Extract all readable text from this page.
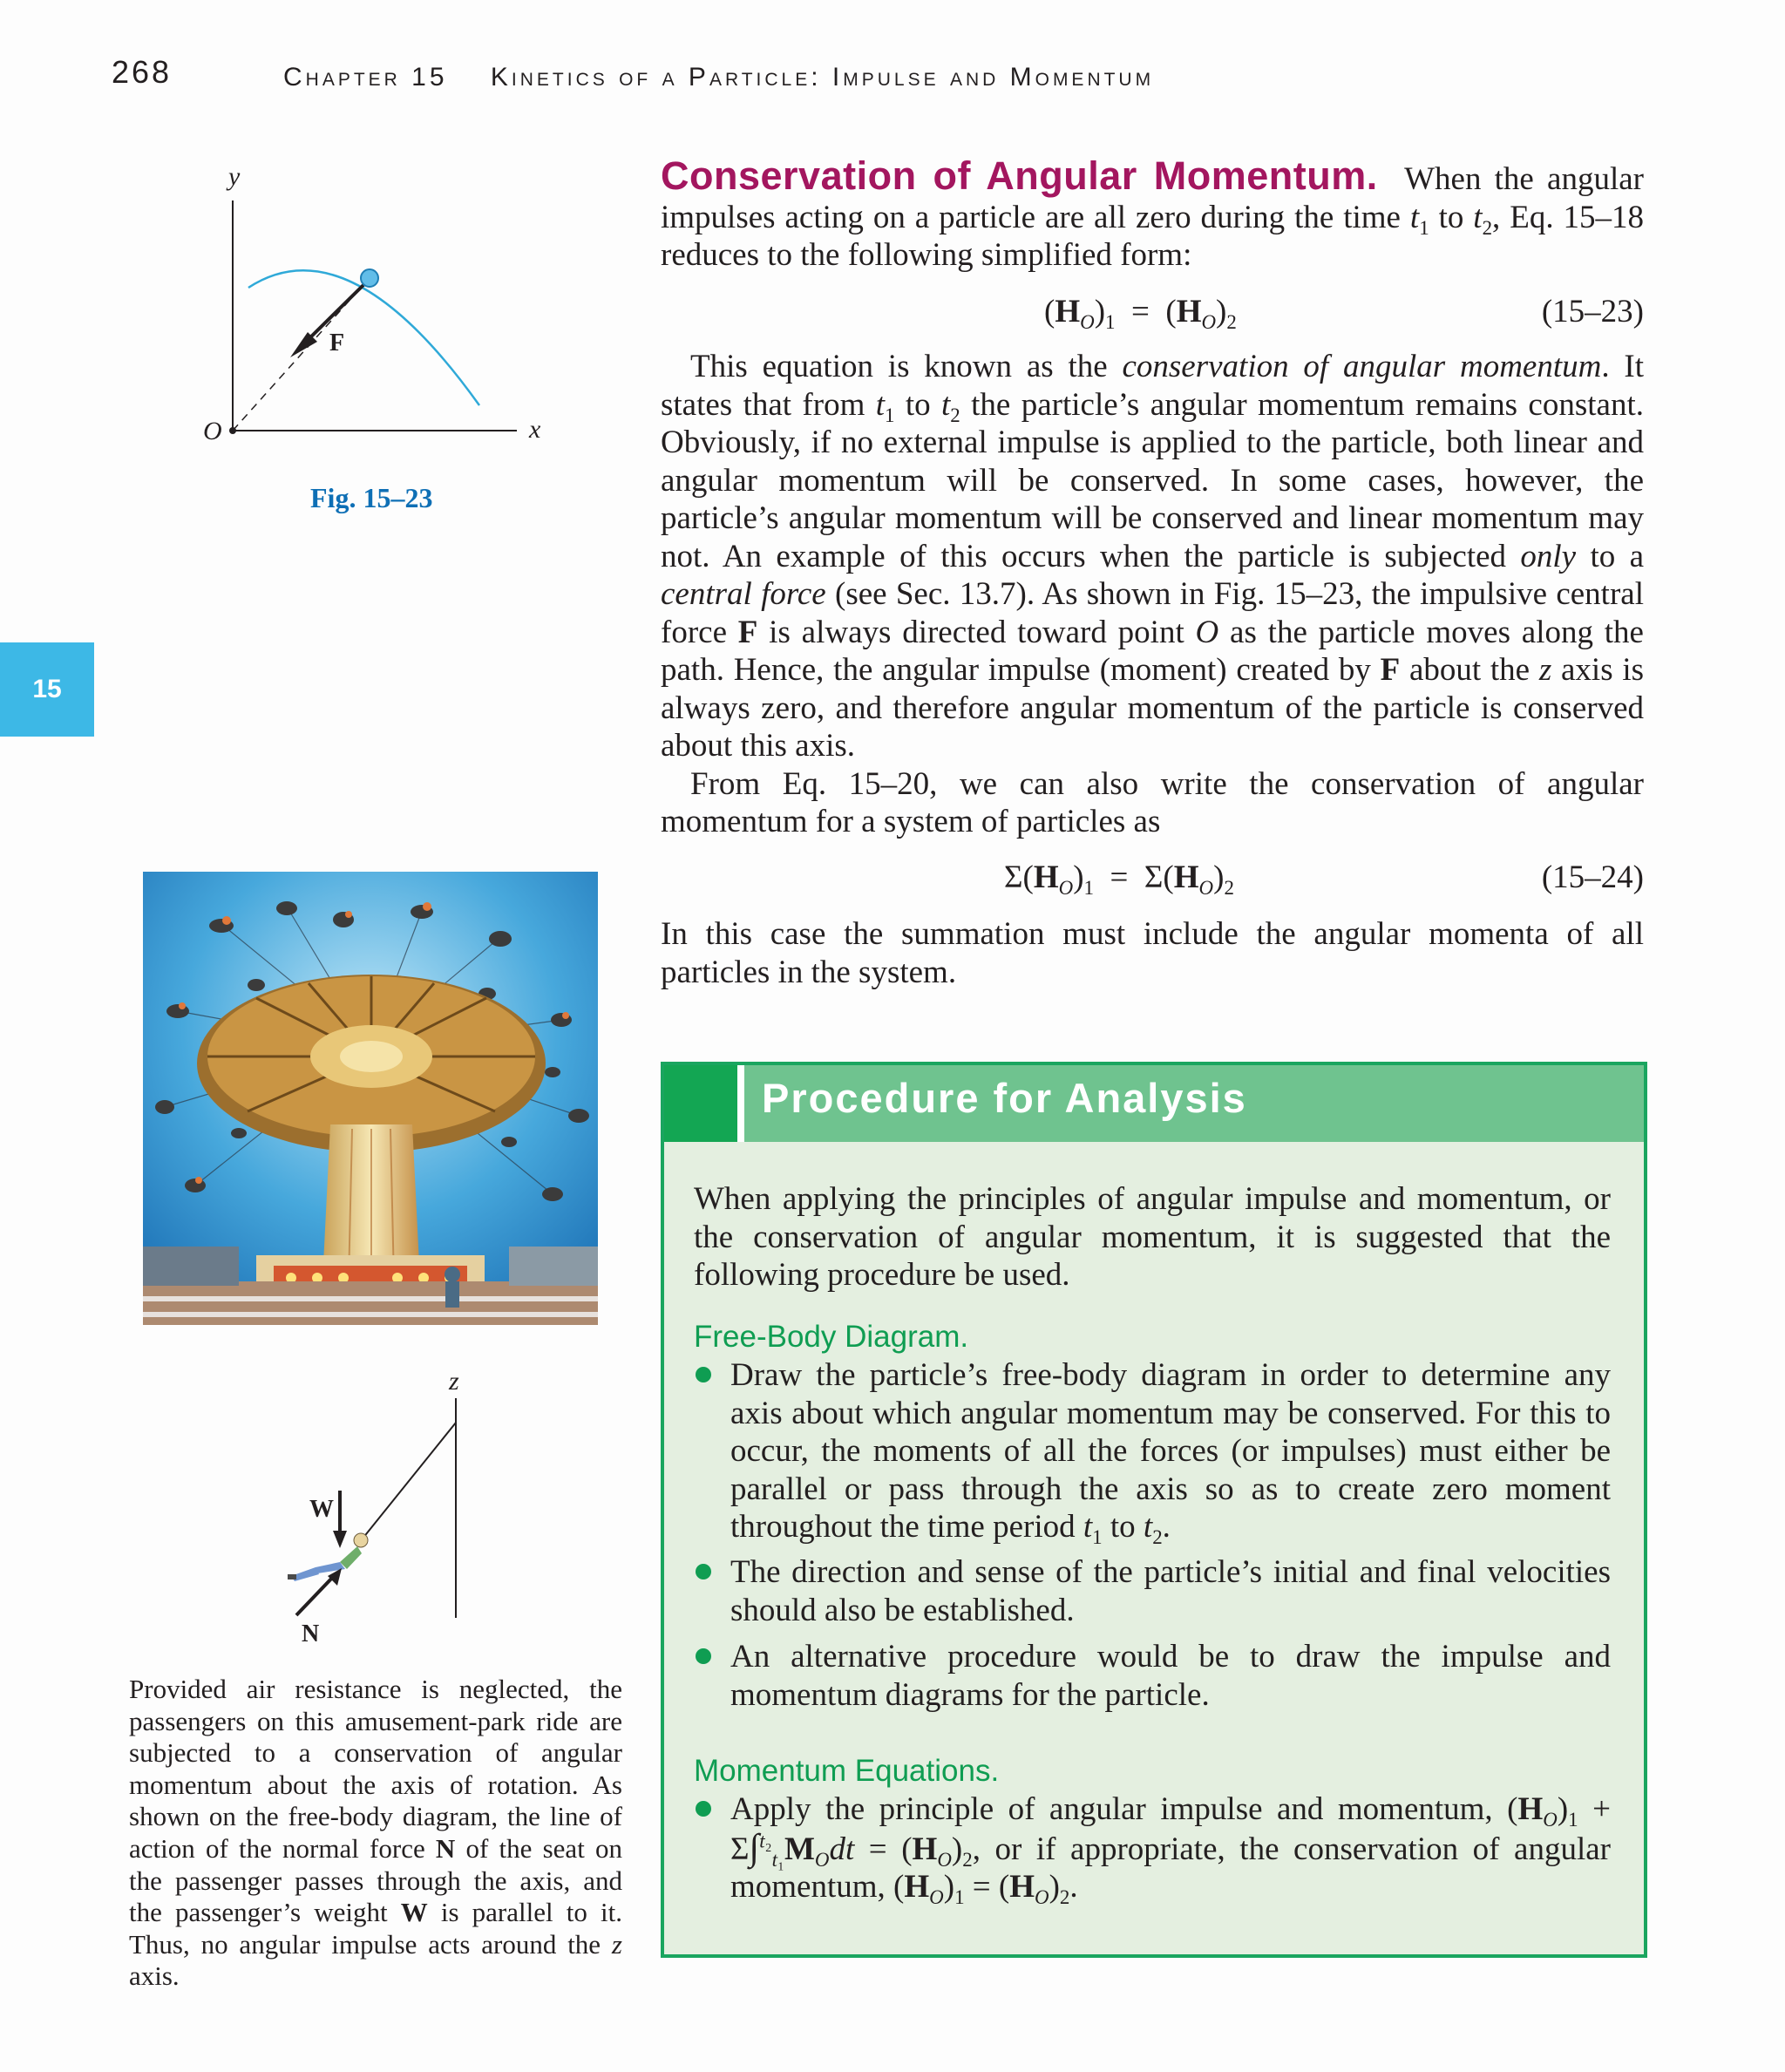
268	Chapter 15 Kinetics of a Particle: Impulse and Momentum
15
y
x
O
F
Fig. 15–23
z
W
N
Provided air resistance is neglected, the passengers on this amusement-park ride are subjected to a conservation of angular momentum about the axis of rotation. As shown on the free-body diagram, the line of action of the normal force N of the seat on the passenger passes through the axis, and the passenger’s weight W is parallel to it. Thus, no angular impulse acts around the z axis.

Conservation of Angular Momentum. When the angular impulses acting on a particle are all zero during the time $t_1$ to $t_2$, Eq. 15–18 reduces to the following simplified form:

$(H_O)_1 = (H_O)_2$	(15–23)

This equation is known as the conservation of angular momentum. It states that from $t_1$ to $t_2$ the particle’s angular momentum remains constant. Obviously, if no external impulse is applied to the particle, both linear and angular momentum will be conserved. In some cases, however, the particle’s angular momentum will be conserved and linear momentum may not. An example of this occurs when the particle is subjected only to a central force (see Sec. 13.7). As shown in Fig. 15–23, the impulsive central force F is always directed toward point O as the particle moves along the path. Hence, the angular impulse (moment) created by F about the z axis is always zero, and therefore angular momentum of the particle is conserved about this axis.

From Eq. 15–20, we can also write the conservation of angular momentum for a system of particles as

$\Sigma(H_O)_1 = \Sigma(H_O)_2$	(15–24)

In this case the summation must include the angular momenta of all particles in the system.

Procedure for Analysis
When applying the principles of angular impulse and momentum, or the conservation of angular momentum, it is suggested that the following procedure be used.
Free-Body Diagram.
Draw the particle’s free-body diagram in order to determine any axis about which angular momentum may be conserved. For this to occur, the moments of all the forces (or impulses) must either be parallel or pass through the axis so as to create zero moment throughout the time period $t_1$ to $t_2$.
The direction and sense of the particle’s initial and final velocities should also be established.
An alternative procedure would be to draw the impulse and momentum diagrams for the particle.
Momentum Equations.
Apply the principle of angular impulse and momentum, $(H_O)_1 + \Sigma\int^{t_2}_{t_1}M_Odt = (H_O)_2$, or if appropriate, the conservation of angular momentum, $(H_O)_1 = (H_O)_2$.
